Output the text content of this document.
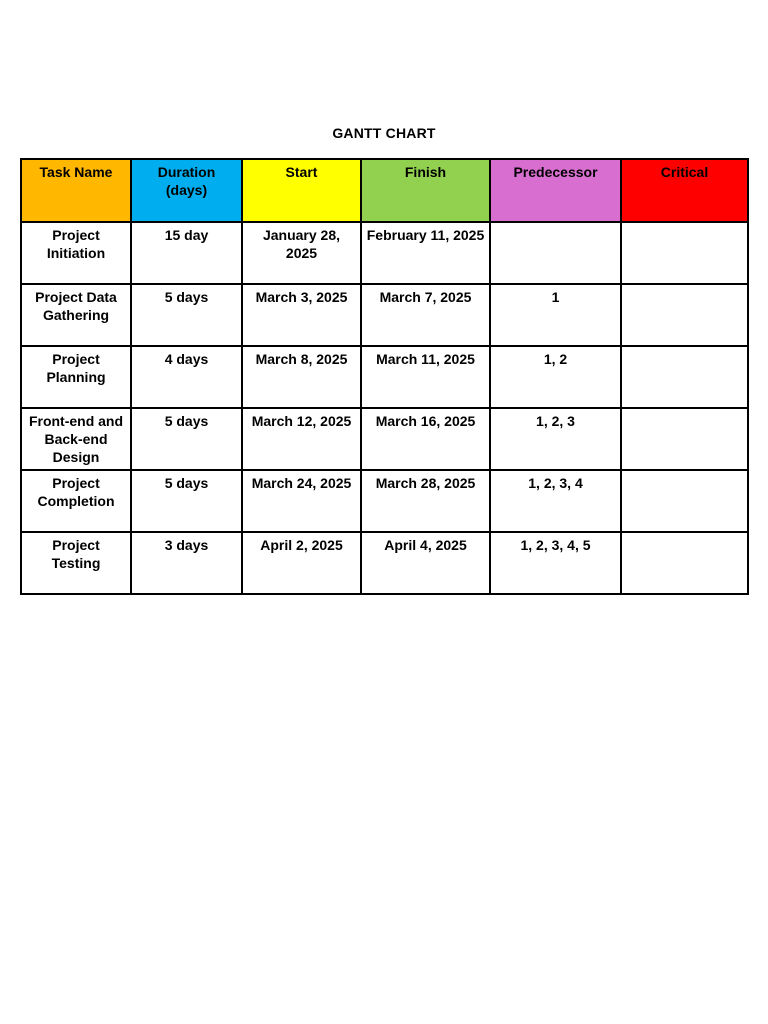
GANTT CHART
Task Name	Duration (days)	Start	Finish	Predecessor	Critical
Project Initiation	15 day	January 28, 2025	February 11, 2025		
Project Data Gathering	5 days	March 3, 2025	March 7, 2025	1	
Project Planning	4 days	March 8, 2025	March 11, 2025	1, 2	
Front-end and Back-end Design	5 days	March 12, 2025	March 16, 2025	1, 2, 3	
Project Completion	5 days	March 24, 2025	March 28, 2025	1, 2, 3, 4	
Project Testing	3 days	April 2, 2025	April 4, 2025	1, 2, 3, 4, 5	
